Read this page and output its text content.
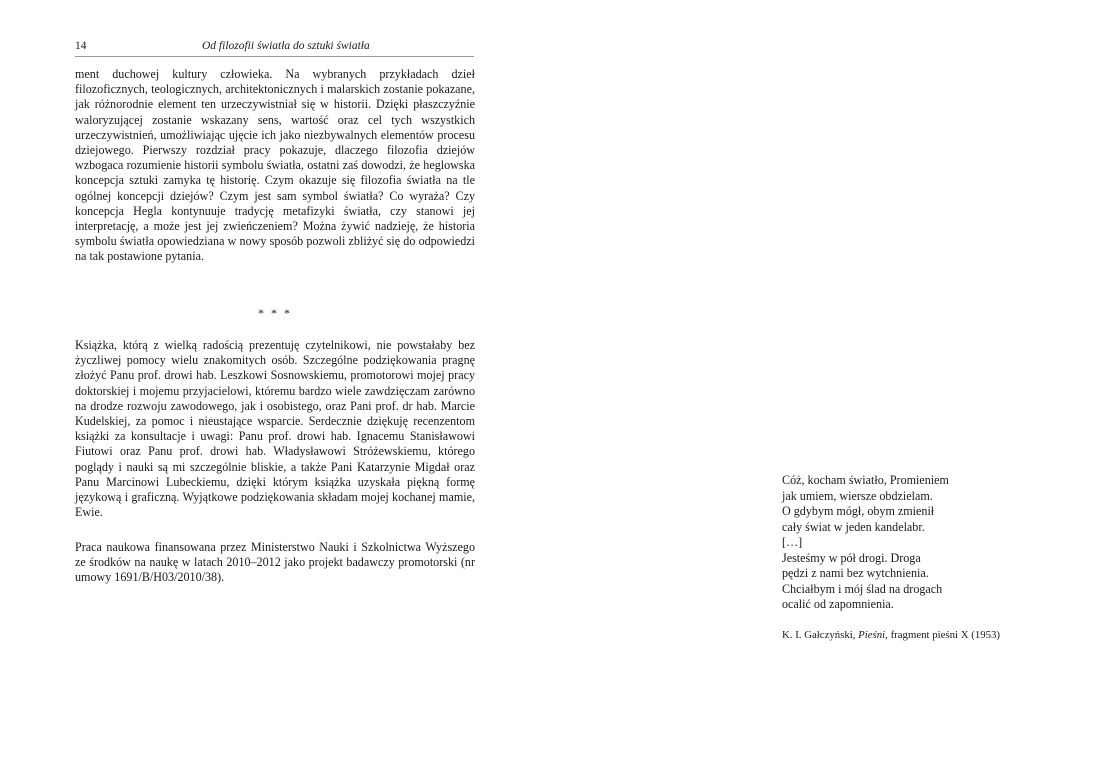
14	Od filozofii światła do sztuki światła

ment duchowej kultury człowieka. Na wybranych przykładach dzieł filozoficznych, teologicznych, architektonicznych i malarskich zostanie pokazane, jak różnorodnie element ten urzeczywistniał się w historii. Dzięki płaszczyźnie waloryzującej zostanie wskazany sens, wartość oraz cel tych wszystkich urzeczywistnień, umożliwiając ujęcie ich jako niezbywalnych elementów procesu dziejowego. Pierwszy rozdział pracy pokazuje, dlaczego filozofia dziejów wzbogaca rozumienie historii symbolu światła, ostatni zaś dowodzi, że heglowska koncepcja sztuki zamyka tę historię. Czym okazuje się filozofia światła na tle ogólnej koncepcji dziejów? Czym jest sam symbol światła? Co wyraża? Czy koncepcja Hegla kontynuuje tradycję metafizyki światła, czy stanowi jej interpretację, a może jest jej zwieńczeniem? Można żywić nadzieję, że historia symbolu światła opowiedziana w nowy sposób pozwoli zbliżyć się do odpowiedzi na tak postawione pytania.

* * *

Książka, którą z wielką radością prezentuję czytelnikowi, nie powstałaby bez życzliwej pomocy wielu znakomitych osób. Szczególne podziękowania pragnę złożyć Panu prof. drowi hab. Leszkowi Sosnowskiemu, promotorowi mojej pracy doktorskiej i mojemu przyjacielowi, któremu bardzo wiele zawdzięczam zarówno na drodze rozwoju zawodowego, jak i osobistego, oraz Pani prof. dr hab. Marcie Kudelskiej, za pomoc i nieustające wsparcie. Serdecznie dziękuję recenzentom książki za konsultacje i uwagi: Panu prof. drowi hab. Ignacemu Stanisławowi Fiutowi oraz Panu prof. drowi hab. Władysławowi Stróżewskiemu, którego poglądy i nauki są mi szczególnie bliskie, a także Pani Katarzynie Migdał oraz Panu Marcinowi Lubeckiemu, dzięki którym książka uzyskała piękną formę językową i graficzną. Wyjątkowe podziękowania składam mojej kochanej mamie, Ewie.

Praca naukowa finansowana przez Ministerstwo Nauki i Szkolnictwa Wyższego ze środków na naukę w latach 2010–2012 jako projekt badawczy promotorski (nr umowy 1691/B/H03/2010/38).

Cóż, kocham światło, Promieniem
jak umiem, wiersze obdzielam.
O gdybym mógł, obym zmienił
cały świat w jeden kandelabr.
[…]
Jesteśmy w pół drogi. Droga
pędzi z nami bez wytchnienia.
Chciałbym i mój ślad na drogach
ocalić od zapomnienia.
K. I. Gałczyński, Pieśni, fragment pieśni X (1953)
